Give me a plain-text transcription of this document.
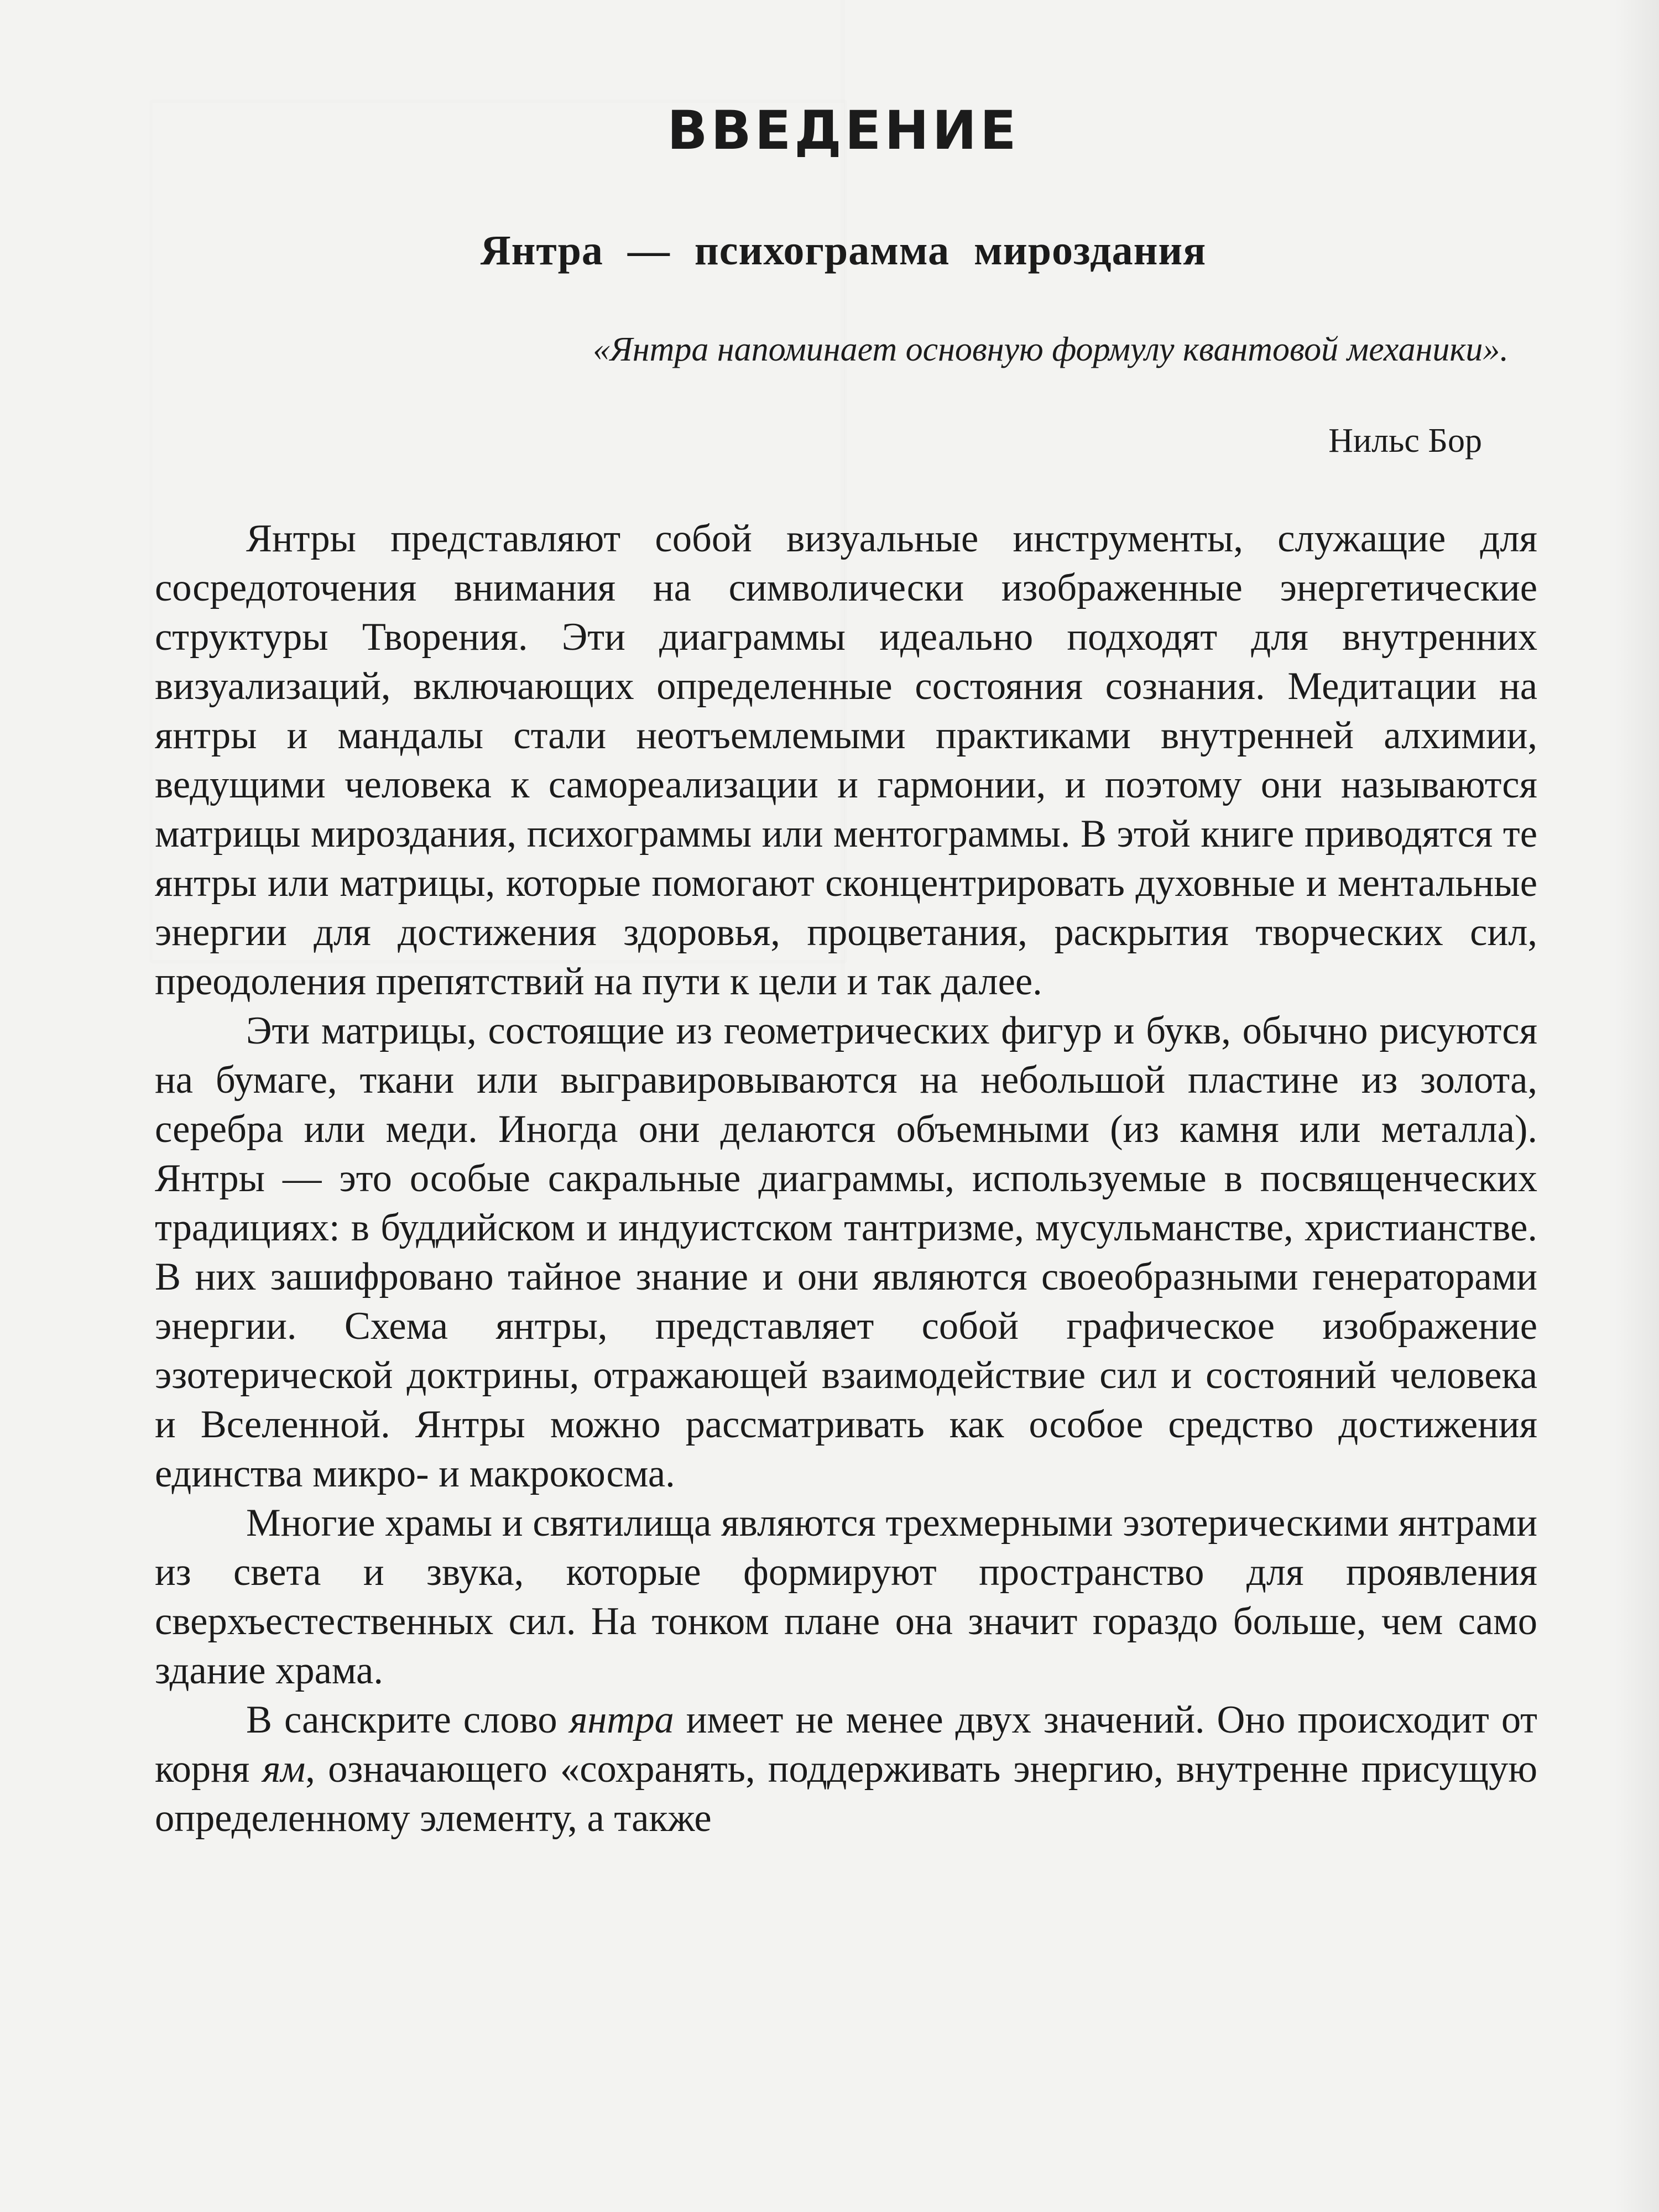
ВВЕДЕНИЕ
Янтра — психограмма мироздания

«Янтра напоминает основную формулу квантовой механики».

Нильс Бор

Янтры представляют собой визуальные инструменты, служащие для сосредоточения внимания на символически изображенные энергетические структуры Творения. Эти диаграммы идеально подходят для внутренних визуализаций, включающих определенные состояния сознания. Медитации на янтры и мандалы стали неотъемлемыми практиками внутренней алхимии, ведущими человека к самореализации и гармонии, и поэтому они называются матрицы мироздания, психограммы или ментограммы. В этой книге приводятся те янтры или матрицы, которые помогают сконцентрировать духовные и ментальные энергии для достижения здоровья, процветания, раскрытия творческих сил, преодоления препятствий на пути к цели и так далее.

Эти матрицы, состоящие из геометрических фигур и букв, обычно рисуются на бумаге, ткани или выгравировываются на небольшой пластине из золота, серебра или меди. Иногда они делаются объемными (из камня или металла). Янтры — это особые сакральные диаграммы, используемые в посвященческих традициях: в буддийском и индуистском тантризме, мусульманстве, христианстве. В них зашифровано тайное знание и они являются своеобразными генераторами энергии. Схема янтры, представляет собой графическое изображение эзотерической доктрины, отражающей взаимодействие сил и состояний человека и Вселенной. Янтры можно рассматривать как особое средство достижения единства микро- и макрокосма.

Многие храмы и святилища являются трехмерными эзотерическими янтрами из света и звука, которые формируют пространство для проявления сверхъестественных сил. На тонком плане она значит гораздо больше, чем само здание храма.

В санскрите слово янтра имеет не менее двух значений. Оно происходит от корня ям, означающего «сохранять, поддерживать энергию, внутренне присущую определенному элементу, а также
